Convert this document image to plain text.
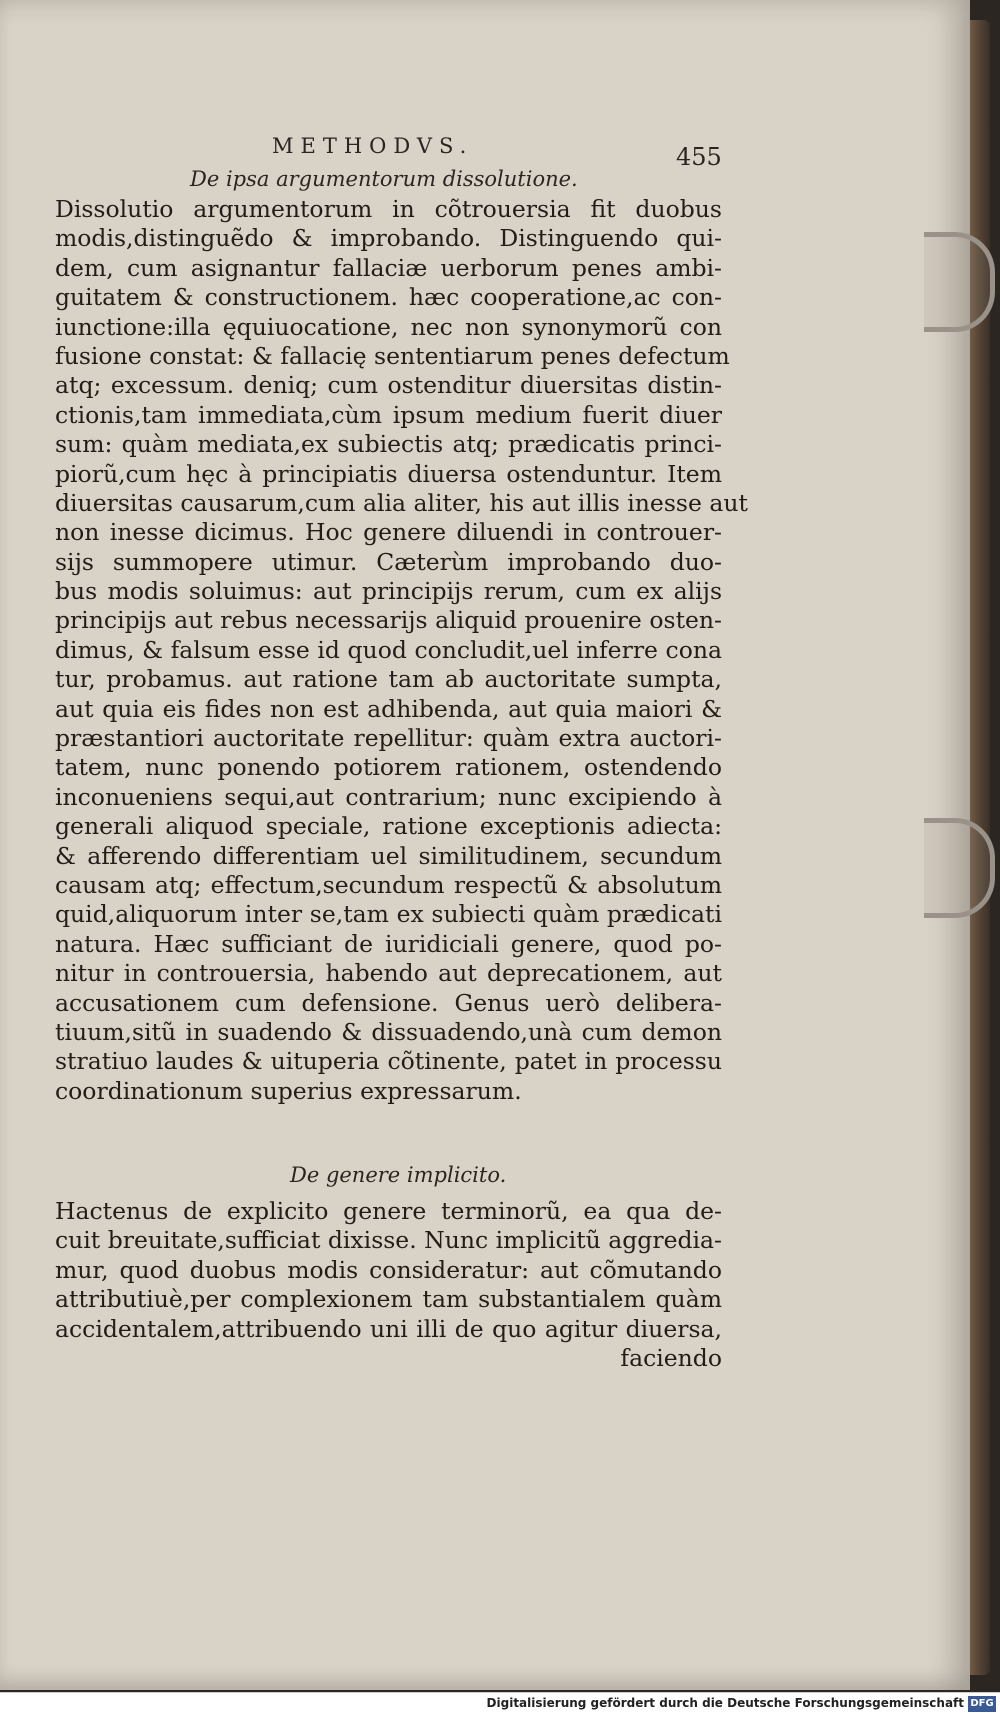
METHODVS.	455
De ipsa argumentorum dissolutione.
Dissolutio argumentorum in cõtrouersia fit duobus
modis,distinguẽdo & improbando. Distinguendo qui-
dem, cum asignantur fallaciæ uerborum penes ambi-
guitatem & constructionem. hæc cooperatione,ac con-
iunctione:illa ęquiuocatione, nec non synonymorũ con
fusione constat: & fallacię sententiarum penes defectum
atq; excessum. deniq; cum ostenditur diuersitas distin-
ctionis,tam immediata,cùm ipsum medium fuerit diuer
sum: quàm mediata,ex subiectis atq; prædicatis princi-
piorũ,cum hęc à principiatis diuersa ostenduntur. Item
diuersitas causarum,cum alia aliter, his aut illis inesse aut
non inesse dicimus. Hoc genere diluendi in controuer-
sijs summopere utimur. Cæterùm improbando duo-
bus modis soluimus: aut principijs rerum, cum ex alijs
principijs aut rebus necessarijs aliquid prouenire osten-
dimus, & falsum esse id quod concludit,uel inferre cona
tur, probamus. aut ratione tam ab auctoritate sumpta,
aut quia eis fides non est adhibenda, aut quia maiori &
præstantiori auctoritate repellitur: quàm extra auctori-
tatem, nunc ponendo potiorem rationem, ostendendo
inconueniens sequi,aut contrarium; nunc excipiendo à
generali aliquod speciale, ratione exceptionis adiecta:
& afferendo differentiam uel similitudinem, secundum
causam atq; effectum,secundum respectũ & absolutum
quid,aliquorum inter se,tam ex subiecti quàm prædicati
natura. Hæc sufficiant de iuridiciali genere, quod po-
nitur in controuersia, habendo aut deprecationem, aut
accusationem cum defensione. Genus uerò delibera-
tiuum,sitũ in suadendo & dissuadendo,unà cum demon
stratiuo laudes & uituperia cõtinente, patet in processu
coordinationum superius expressarum.
De genere implicito.
Hactenus de explicito genere terminorũ, ea qua de-
cuit breuitate,sufficiat dixisse. Nunc implicitũ aggredia-
mur, quod duobus modis consideratur: aut cõmutando
attributiuè,per complexionem tam substantialem quàm
accidentalem,attribuendo uni illi de quo agitur diuersa,
faciendo
Digitalisierung gefördert durch die Deutsche Forschungsgemeinschaft DFG
